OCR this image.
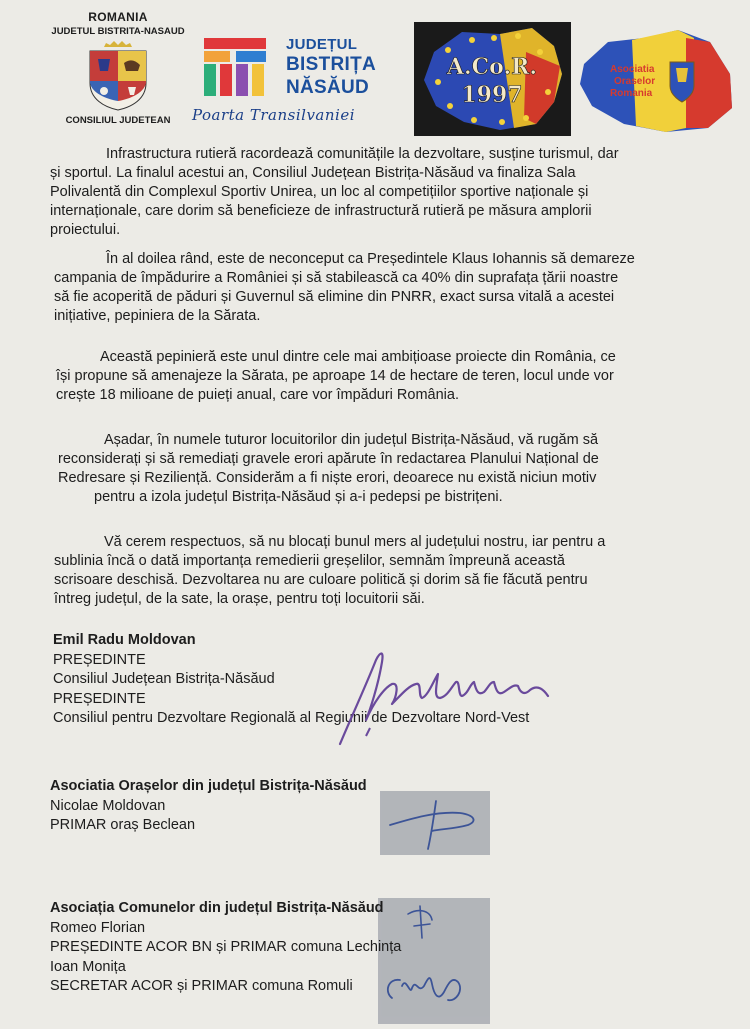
ROMANIA
JUDETUL BISTRITA-NASAUD
CONSILIUL JUDETEAN
JUDEȚUL
BISTRIȚA
NĂSĂUD
Poarta Transilvaniei
A.Co.R.
1997
Asociatia
Oraselor
Romania

Infrastructura rutieră racordează comunitățile la dezvoltare, susține turismul, dar
și sportul. La finalul acestui an, Consiliul Județean Bistrița-Năsăud va finaliza Sala
Polivalentă din Complexul Sportiv Unirea, un loc al competițiilor sportive naționale și
internaționale, care dorim să beneficieze de infrastructură rutieră pe măsura amplorii
proiectului.

În al doilea rând, este de neconceput ca Președintele Klaus Iohannis să demareze
campania de împădurire a României și să stabilească ca 40% din suprafața țării noastre
să fie acoperită de păduri și Guvernul să elimine din PNRR, exact sursa vitală a acestei
inițiative, pepiniera de la Sărata.

Această pepinieră este unul dintre cele mai ambițioase proiecte din România, ce
își propune să amenajeze la Sărata, pe aproape 14 de hectare de teren, locul unde vor
crește 18 milioane de puieți anual, care vor împăduri România.

Așadar, în numele tuturor locuitorilor din județul Bistrița-Năsăud, vă rugăm să
reconsiderați și să remediați gravele erori apărute în redactarea Planului Național de
Redresare și Reziliență. Considerăm a fi niște erori, deoarece nu există niciun motiv
pentru a izola județul Bistrița-Năsăud și a-i pedepsi pe bistrițeni.

Vă cerem respectuos, să nu blocați bunul mers al județului nostru, iar pentru a
sublinia încă o dată importanța remedierii greșelilor, semnăm împreună această
scrisoare deschisă. Dezvoltarea nu are culoare politică și dorim să fie făcută pentru
întreg județul, de la sate, la orașe, pentru toți locuitorii săi.

Emil Radu Moldovan
PREȘEDINTE
Consiliul Județean Bistrița-Năsăud
PREȘEDINTE
Consiliul pentru Dezvoltare Regională al Regiunii de Dezvoltare Nord-Vest
Asociatia Orașelor din județul Bistrița-Năsăud
Nicolae Moldovan
PRIMAR oraș Beclean
Asociația Comunelor din județul Bistrița-Năsăud
Romeo Florian
PREȘEDINTE ACOR BN și PRIMAR comuna Lechința
Ioan Monița
SECRETAR ACOR și PRIMAR comuna Romuli
